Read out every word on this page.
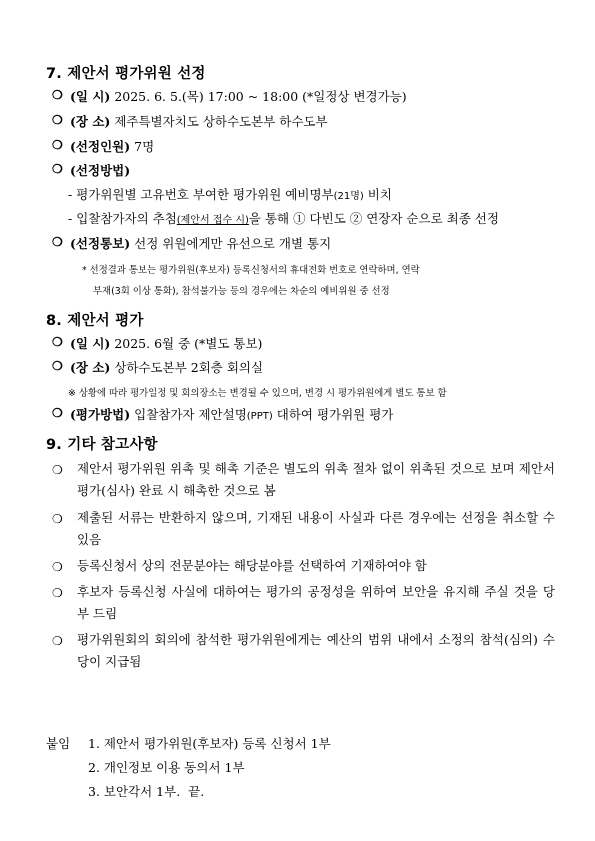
7. 제안서 평가위원 선정
❍ (일 시) 2025. 6. 5.(목) 17:00 ~ 18:00 (*일정상 변경가능)
❍ (장 소) 제주특별자치도 상하수도본부 하수도부
❍ (선정인원) 7명
❍ (선정방법)
- 평가위원별 고유번호 부여한 평가위원 예비명부(21명) 비치
- 입찰참가자의 추첨(제안서 접수 시)을 통해 ① 다빈도 ② 연장자 순으로 최종 선정
❍ (선정통보) 선정 위원에게만 유선으로 개별 통지
* 선정결과 통보는 평가위원(후보자) 등록신청서의 휴대전화 번호로 연락하며, 연락
부재(3회 이상 통화), 참석불가능 등의 경우에는 차순의 예비위원 중 선정
8. 제안서 평가
❍ (일 시) 2025. 6월 중 (*별도 통보)
❍ (장 소) 상하수도본부 2회층 회의실
※ 상황에 따라 평가일정 및 회의장소는 변경될 수 있으며, 변경 시 평가위원에게 별도 통보 함
❍ (평가방법) 입찰참가자 제안설명(PPT) 대하여 평가위원 평가
9. 기타 참고사항
❍ 제안서 평가위원 위촉 및 해촉 기준은 별도의 위촉 절차 없이 위촉된 것으로 보며 제안서 평가(심사) 완료 시 해촉한 것으로 봄
❍ 제출된 서류는 반환하지 않으며, 기재된 내용이 사실과 다른 경우에는 선정을 취소할 수 있음
❍ 등록신청서 상의 전문분야는 해당분야를 선택하여 기재하여야 함
❍ 후보자 등록신청 사실에 대하여는 평가의 공정성을 위하여 보안을 유지해 주실 것을 당부 드림
❍ 평가위원회의 회의에 참석한 평가위원에게는 예산의 범위 내에서 소정의 참석(심의) 수당이 지급됨
붙임 1. 제안서 평가위원(후보자) 등록 신청서 1부
2. 개인정보 이용 동의서 1부
3. 보안각서 1부.  끝.
